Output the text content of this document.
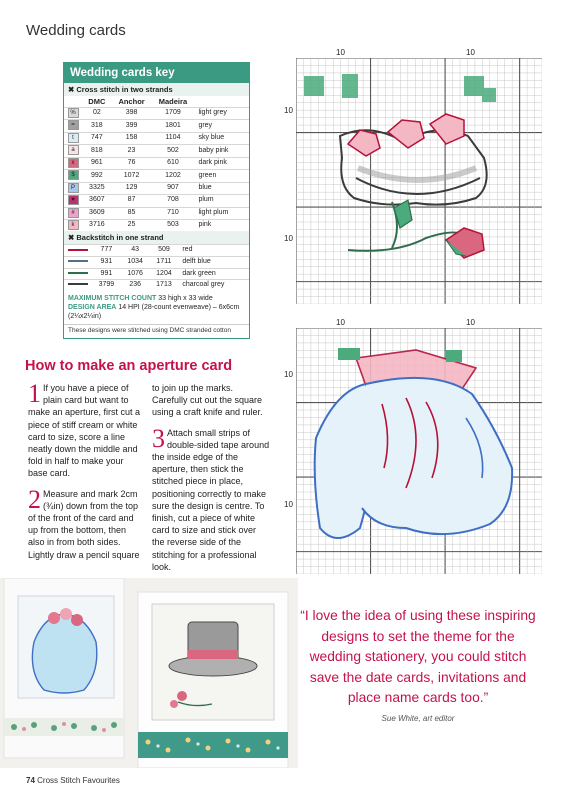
Wedding cards
Wedding cards key
✖ Cross stitch in two strands
	DMC	Anchor	Madeira	
%	02	398	1709	light grey
=	318	399	1801	grey
t	747	158	1104	sky blue
a	818	23	502	baby pink
x	961	76	610	dark pink
$	992	1072	1202	green
P	3325	129	907	blue
♥	3607	87	708	plum
#	3609	85	710	light plum
k	3716	25	503	pink
✖ Backstitch in one strand
	777	43	509	red
	931	1034	1711	delft blue
	991	1076	1204	dark green
	3799	236	1713	charcoal grey
MAXIMUM STITCH COUNT 33 high x 33 wide
DESIGN AREA 14 HPI (28-count evenweave) – 6x6cm (2¼x2¼in)
These designs were stitched using DMC stranded cotton
10	10
10
10
10	10
10
10
How to make an aperture card
1 If you have a piece of plain card but want to make an aperture, first cut a piece of stiff cream or white card to size, score a line neatly down the middle and fold in half to make your base card.
2 Measure and mark 2cm (¾in) down from the top of the front of the card and up from the bottom, then also in from both sides. Lightly draw a pencil square
to join up the marks. Carefully cut out the square using a craft knife and ruler.
3 Attach small strips of double-sided tape around the inside edge of the aperture, then stick the stitched piece in place, positioning correctly to make sure the design is centre. To finish, cut a piece of white card to size and stick over the reverse side of the stitching for a professional look.
“I love the idea of using these inspiring designs to set the theme for the wedding stationery, you could stitch save the date cards, invitations and place name cards too.”
Sue White, art editor
74 Cross Stitch Favourites
